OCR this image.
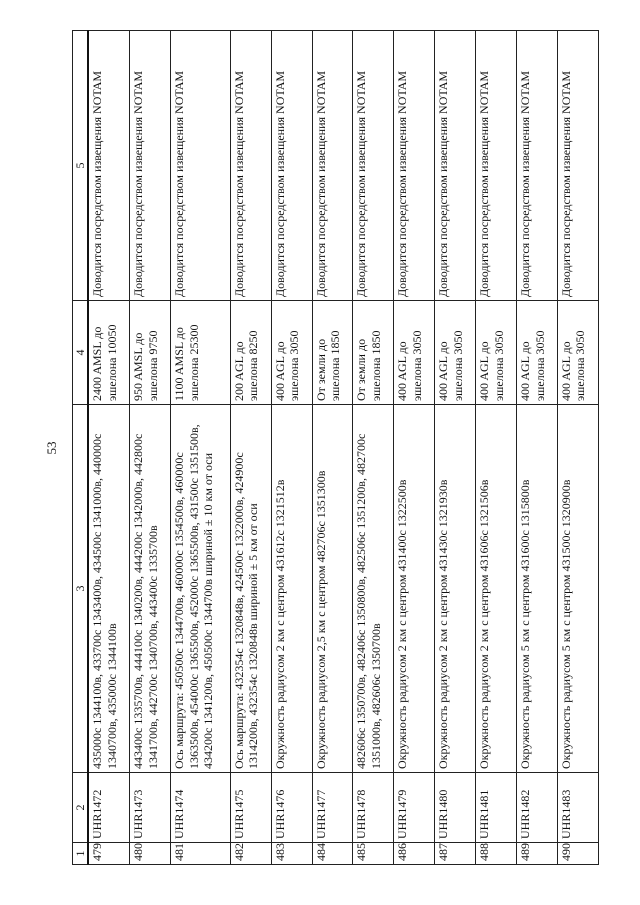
53
1	2	3	4	5
479	UHR1472	435000с 1344100в, 433700с 1343400в, 434500с 1341000в, 440000с 1340700в, 435000с 1344100в	2400 AMSL до эшелона 10050	Доводится посредством извещения NOTAM
480	UHR1473	443400с 1335700в, 444100с 1340200в, 444200с 1342000в, 442800с 1341700в, 442700с 1340700в, 443400с 1335700в	950 AMSL до эшелона 9750	Доводится посредством извещения NOTAM
481	UHR1474	Ось маршрута: 450500с 1344700в, 460000с 1354500в, 460000с 1363500в, 454000с 1365500в, 452000с 1365500в, 431500с 1351500в, 434200с 1341200в, 450500с 1344700в шириной ± 10 км от оси	1100 AMSL до эшелона 25300	Доводится посредством извещения NOTAM
482	UHR1475	Ось маршрута: 432354с 1320848в, 424500с 1322000в, 424900с 1314200в, 432354с 1320848в шириной ± 5 км от оси	200 AGL до эшелона 8250	Доводится посредством извещения NOTAM
483	UHR1476	Окружность радиусом 2 км с центром 431612с 1321512в	400 AGL до эшелона 3050	Доводится посредством извещения NOTAM
484	UHR1477	Окружность радиусом 2,5 км с центром 482706с 1351300в	От земли до эшелона 1850	Доводится посредством извещения NOTAM
485	UHR1478	482606с 1350700в, 482406с 1350800в, 482506с 1351200в, 482700с 1351000в, 482606с 1350700в	От земли до эшелона 1850	Доводится посредством извещения NOTAM
486	UHR1479	Окружность радиусом 2 км с центром 431400с 1322500в	400 AGL до эшелона 3050	Доводится посредством извещения NOTAM
487	UHR1480	Окружность радиусом 2 км с центром 431430с 1321930в	400 AGL до эшелона 3050	Доводится посредством извещения NOTAM
488	UHR1481	Окружность радиусом 2 км с центром 431606с 1321506в	400 AGL до эшелона 3050	Доводится посредством извещения NOTAM
489	UHR1482	Окружность радиусом 5 км с центром 431600с 1315800в	400 AGL до эшелона 3050	Доводится посредством извещения NOTAM
490	UHR1483	Окружность радиусом 5 км с центром 431500с 1320900в	400 AGL до эшелона 3050	Доводится посредством извещения NOTAM
